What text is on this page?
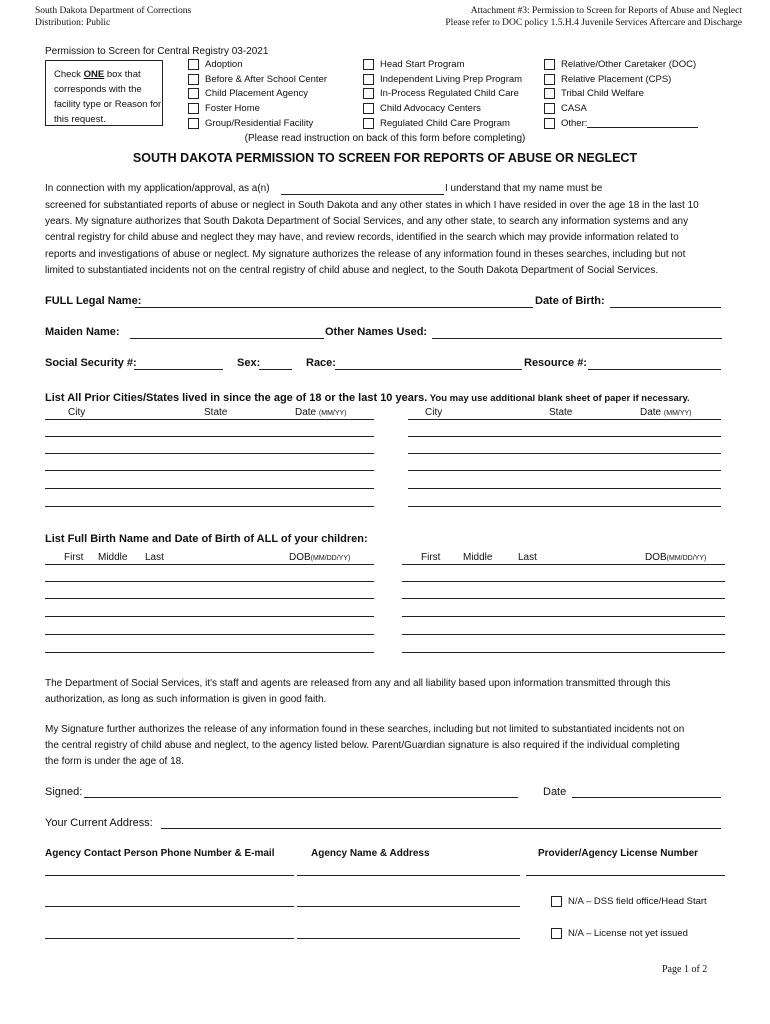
South Dakota Department of Corrections
Distribution: Public
Attachment #3: Permission to Screen for Reports of Abuse and Neglect
Please refer to DOC policy 1.5.H.4 Juvenile Services Aftercare and Discharge
Permission to Screen for Central Registry 03-2021
Check ONE box that
corresponds with the
facility type or Reason for
this request.
Adoption
Before & After School Center
Child Placement Agency
Foster Home
Group/Residential Facility
Head Start Program
Independent Living Prep Program
In-Process Regulated Child Care
Child Advocacy Centers
Regulated Child Care Program
Relative/Other Caretaker (DOC)
Relative Placement (CPS)
Tribal Child Welfare
CASA
Other:
(Please read instruction on back of this form before completing)
SOUTH DAKOTA PERMISSION TO SCREEN FOR REPORTS OF ABUSE OR NEGLECT
In connection with my application/approval, as a(n)	I understand that my name must be
screened for substantiated reports of abuse or neglect in South Dakota and any other states in which I have resided in over the age 18 in the last 10
years. My signature authorizes that South Dakota Department of Social Services, and any other state, to search any information systems and any
central registry for child abuse and neglect they may have, and review records, identified in the search which may provide information related to
reports and investigations of abuse or neglect. My signature authorizes the release of any information found in theses searches, including but not
limited to substantiated incidents not on the central registry of child abuse and neglect, to the South Dakota Department of Social Services.
FULL Legal Name:	Date of Birth:
Maiden Name:	Other Names Used:
Social Security #:	Sex:	Race:	Resource #:
List All Prior Cities/States lived in since the age of 18 or the last 10 years. You may use additional blank sheet of paper if necessary.
City	State	Date (MM/YY)	City	State	Date (MM/YY)
List Full Birth Name and Date of Birth of ALL of your children:
First Middle Last	DOB(MM/DD/YY)	First Middle	Last	DOB(MM/DD/YY)
The Department of Social Services, it's staff and agents are released from any and all liability based upon information transmitted through this
authorization, as long as such information is given in good faith.
My Signature further authorizes the release of any information found in these searches, including but not limited to substantiated incidents not on
the central registry of child abuse and neglect, to the agency listed below. Parent/Guardian signature is also required if the individual completing
the form is under the age of 18.
Signed:	Date
Your Current Address:
Agency Contact Person Phone Number & E-mail	Agency Name & Address	Provider/Agency License Number
N/A – DSS field office/Head Start
N/A – License not yet issued
Page 1 of 2
